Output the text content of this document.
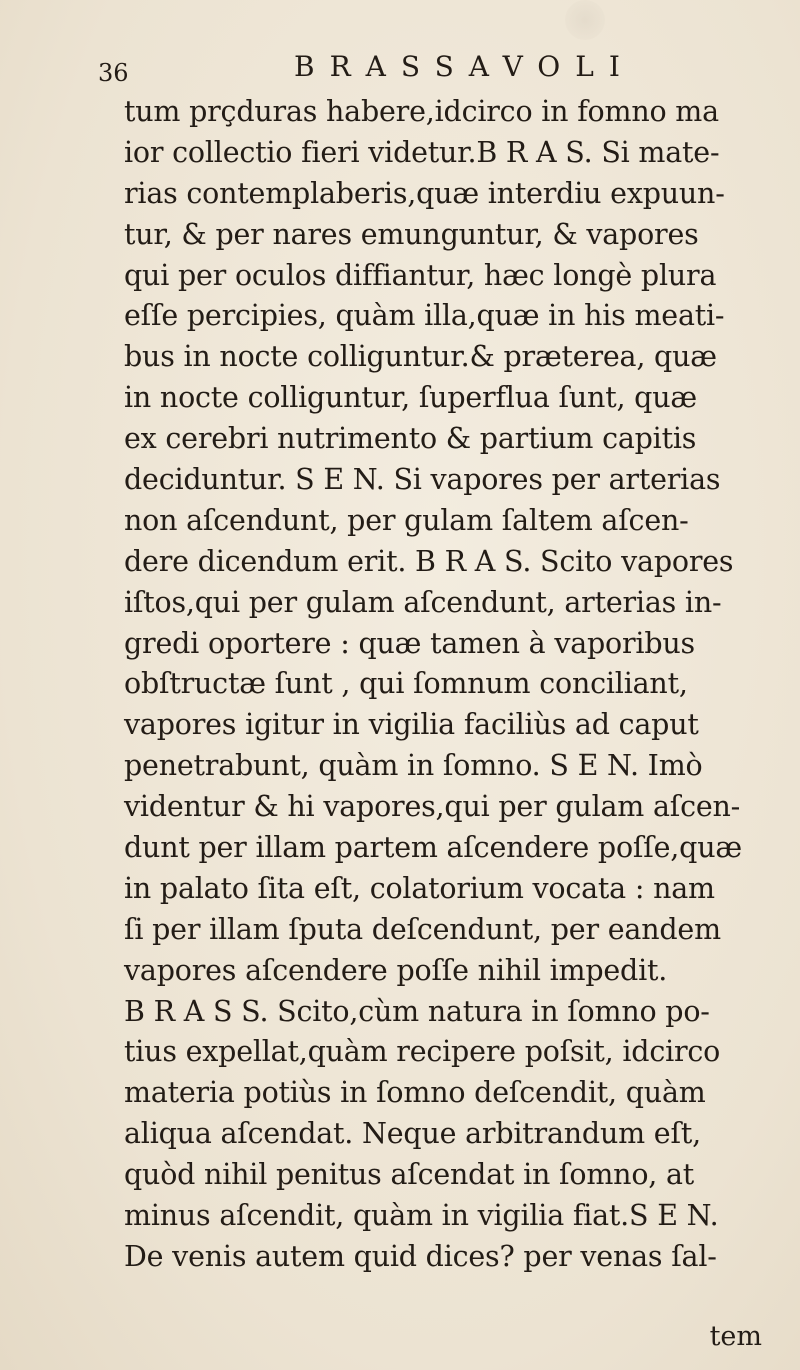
36	BRASSAVOLI
tum prçduras habere,idcirco in fomno ma
ior collectio fieri videtur.B R A S. Si mate-
rias contemplaberis,quæ interdiu expuun-
tur, & per nares emunguntur, & vapores
qui per oculos diffiantur, hæc longè plura
eſſe percipies, quàm illa,quæ in his meati-
bus in nocte colliguntur.& præterea, quæ
in nocte colliguntur, ſuperflua ſunt, quæ
ex cerebri nutrimento & partium capitis
deciduntur. S E N. Si vapores per arterias
non aſcendunt, per gulam ſaltem aſcen-
dere dicendum erit. B R A S. Scito vapores
iſtos,qui per gulam aſcendunt, arterias in-
gredi oportere : quæ tamen à vaporibus
obſtructæ ſunt , qui ſomnum conciliant,
vapores igitur in vigilia faciliùs ad caput
penetrabunt, quàm in ſomno. S E N. Imò
videntur & hi vapores,qui per gulam aſcen-
dunt per illam partem aſcendere poſſe,quæ
in palato ſita eſt, colatorium vocata : nam
ſi per illam ſputa deſcendunt, per eandem
vapores aſcendere poſſe nihil impedit.
B R A S S. Scito,cùm natura in ſomno po-
tius expellat,quàm recipere poſsit, idcirco
materia potiùs in ſomno deſcendit, quàm
aliqua aſcendat. Neque arbitrandum eſt,
quòd nihil penitus aſcendat in ſomno, at
minus aſcendit, quàm in vigilia fiat.S E N.
De venis autem quid dices? per venas ſal-
tem
